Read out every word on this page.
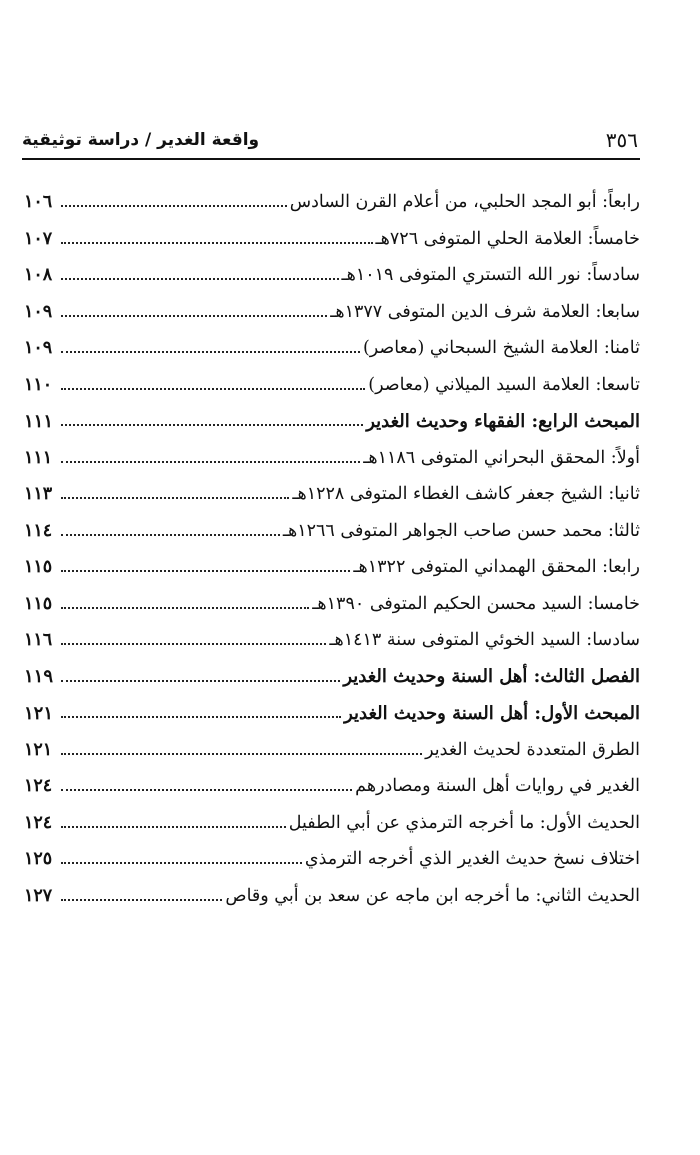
واقعة الغدير / دراسة توثيقية	٣٥٦
رابعاً: أبو المجد الحلبي، من أعلام القرن السادس
١٠٦
خامساً: العلامة الحلي المتوفى ٧٢٦هـ
١٠٧
سادساً: نور الله التستري المتوفى ١٠١٩هـ
١٠٨
سابعا: العلامة شرف الدين المتوفى ١٣٧٧هـ
١٠٩
ثامنا: العلامة الشيخ السبحاني (معاصر)
١٠٩
تاسعا: العلامة السيد الميلاني (معاصر)
١١٠
المبحث الرابع: الفقهاء وحديث الغدير
١١١
أولاً: المحقق البحراني المتوفى ١١٨٦هـ
١١١
ثانيا: الشيخ جعفر كاشف الغطاء المتوفى ١٢٢٨هـ
١١٣
ثالثا: محمد حسن صاحب الجواهر المتوفى ١٢٦٦هـ
١١٤
رابعا: المحقق الهمداني المتوفى ١٣٢٢هـ
١١٥
خامسا: السيد محسن الحكيم المتوفى ١٣٩٠هـ
١١٥
سادسا: السيد الخوئي المتوفى سنة ١٤١٣هـ
١١٦
الفصل الثالث: أهل السنة وحديث الغدير
١١٩
المبحث الأول: أهل السنة وحديث الغدير
١٢١
الطرق المتعددة لحديث الغدير
١٢١
الغدير في روايات أهل السنة ومصادرهم
١٢٤
الحديث الأول: ما أخرجه الترمذي عن أبي الطفيل
١٢٤
اختلاف نسخ حديث الغدير الذي أخرجه الترمذي
١٢٥
الحديث الثاني: ما أخرجه ابن ماجه عن سعد بن أبي وقاص
١٢٧
